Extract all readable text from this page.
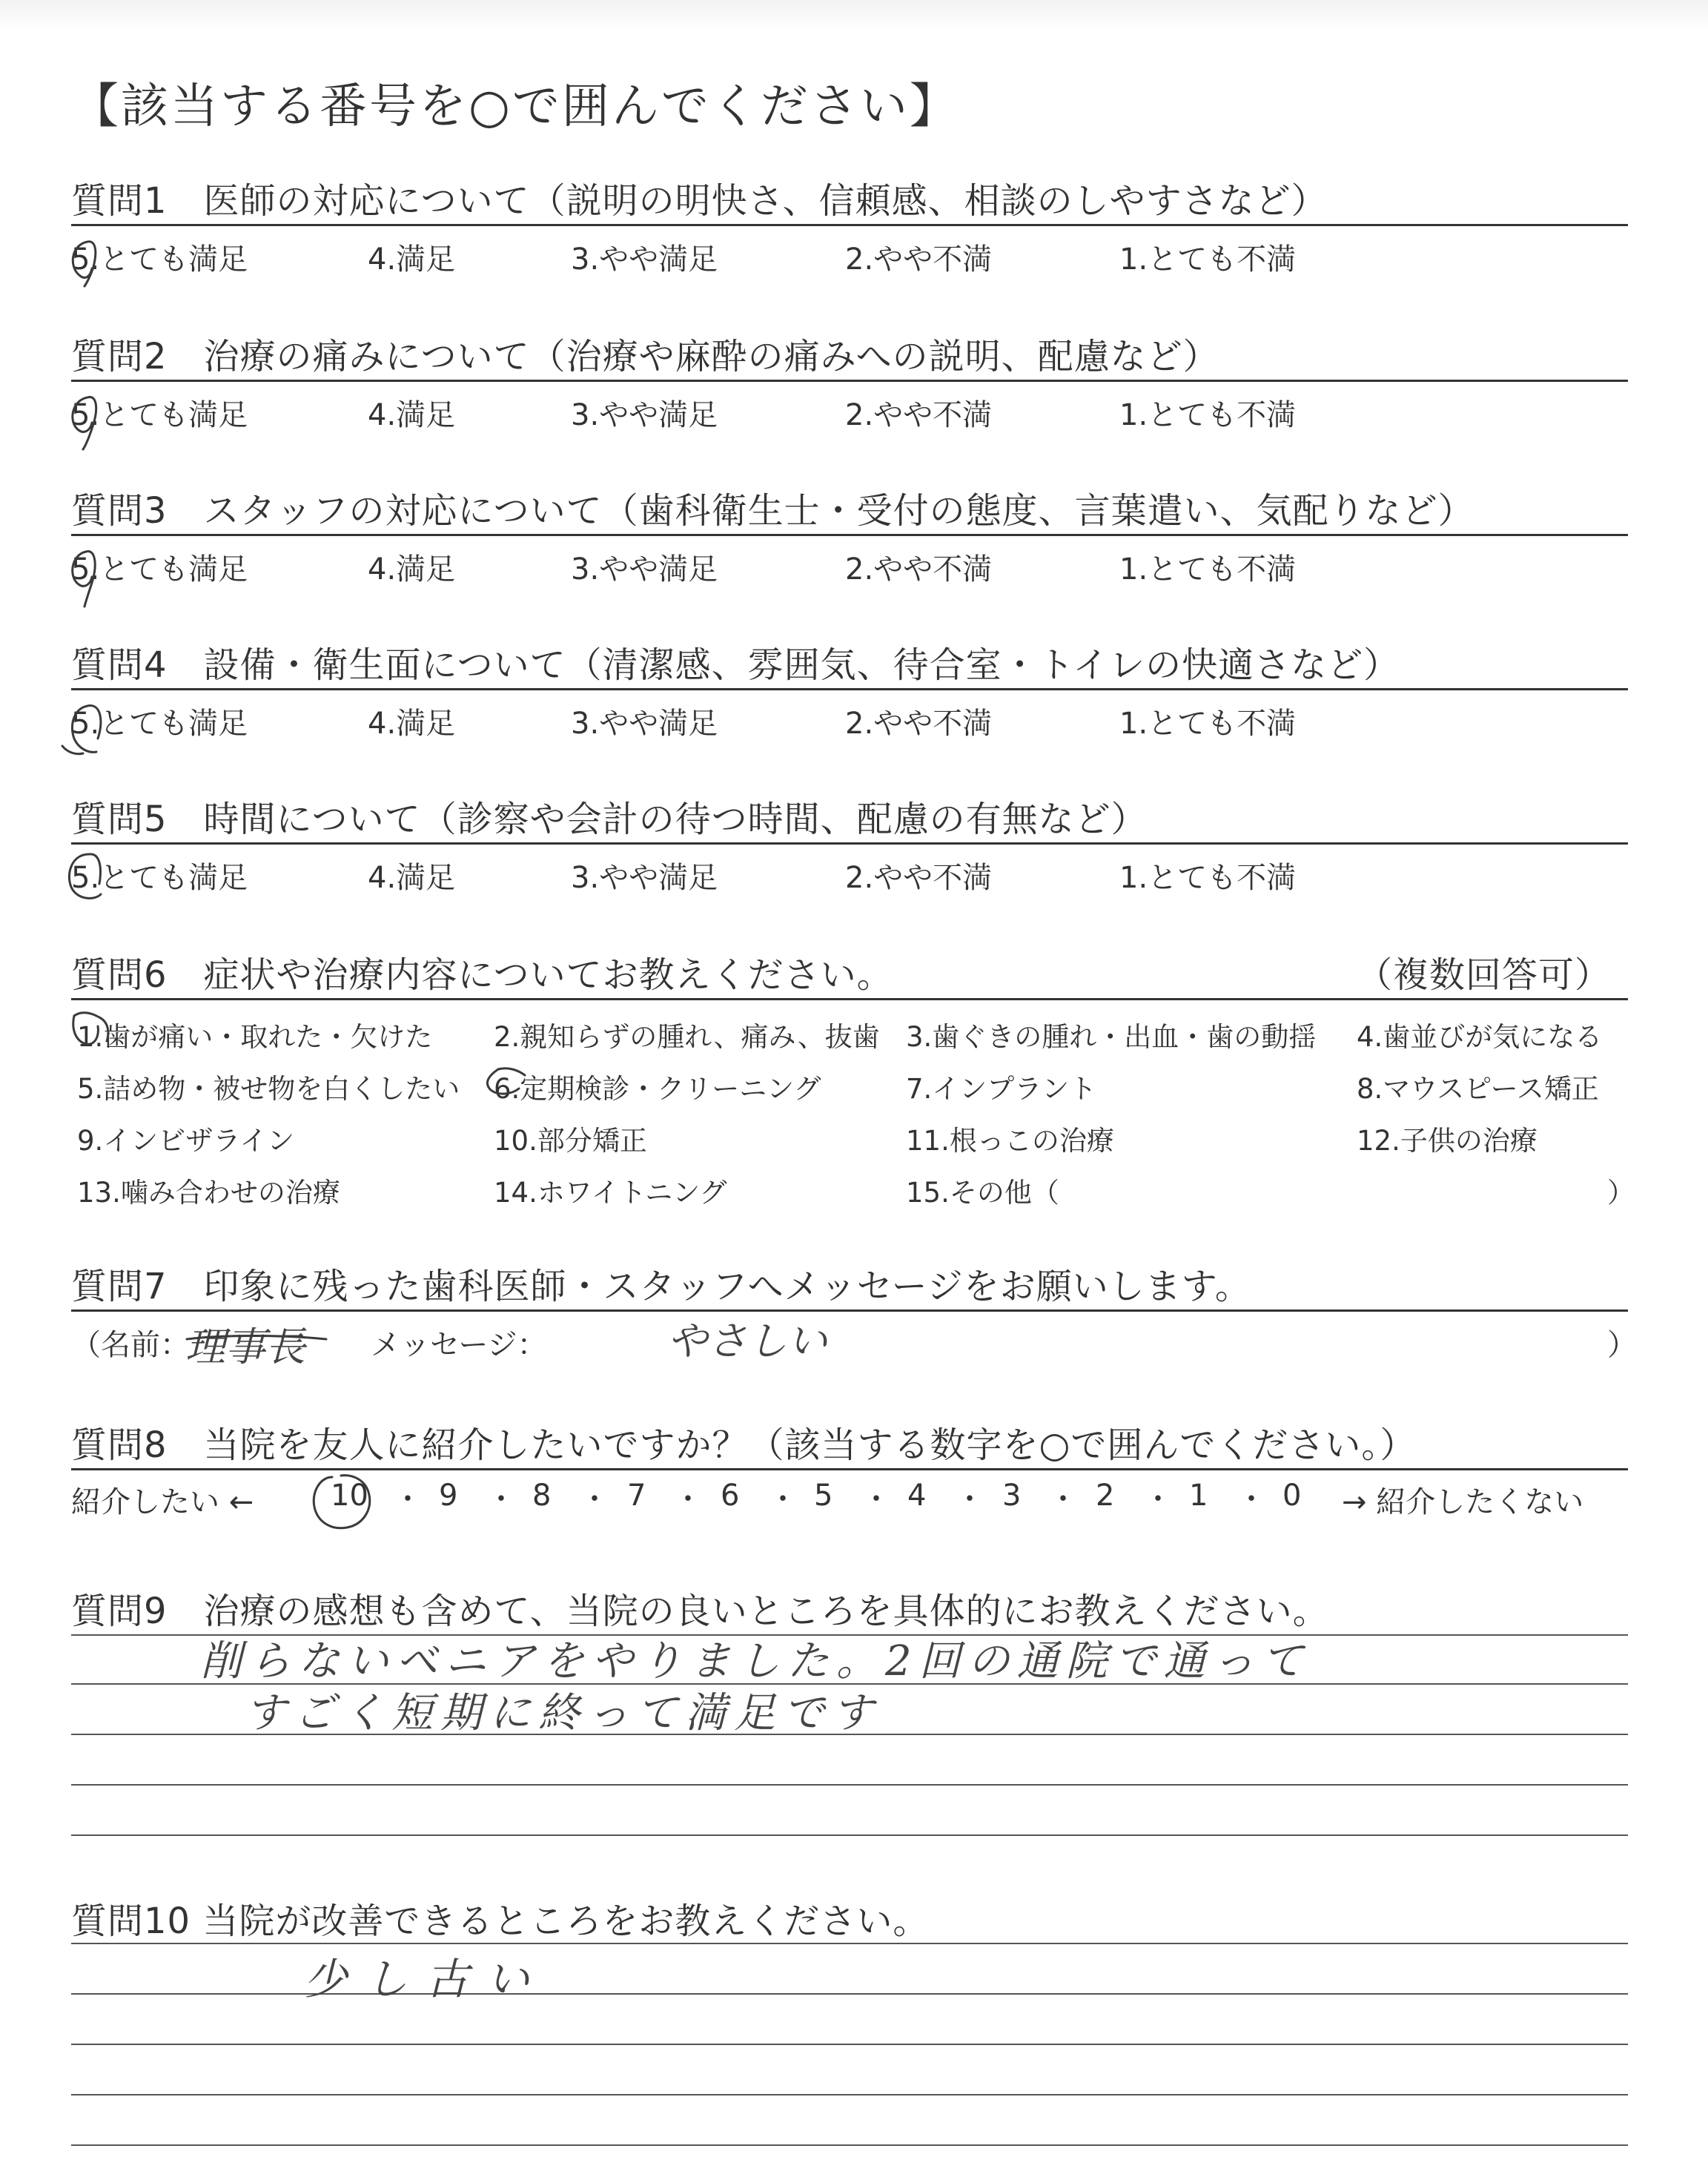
【該当する番号を○で囲んでください】
質問1　医師の対応について（説明の明快さ、信頼感、相談のしやすさなど）
5.とても満足	4.満足	3.やや満足	2.やや不満	1.とても不満
質問2　治療の痛みについて（治療や麻酔の痛みへの説明、配慮など）
5.とても満足	4.満足	3.やや満足	2.やや不満	1.とても不満
質問3　スタッフの対応について（歯科衛生士・受付の態度、言葉遣い、気配りなど）
5.とても満足	4.満足	3.やや満足	2.やや不満	1.とても不満
質問4　設備・衛生面について（清潔感、雰囲気、待合室・トイレの快適さなど）
5.とても満足	4.満足	3.やや満足	2.やや不満	1.とても不満
質問5　時間について（診察や会計の待つ時間、配慮の有無など）
5.とても満足	4.満足	3.やや満足	2.やや不満	1.とても不満
質問6　症状や治療内容についてお教えください。	（複数回答可）
1.歯が痛い・取れた・欠けた 2.親知らずの腫れ、痛み、抜歯 3.歯ぐきの腫れ・出血・歯の動揺 4.歯並びが気になる
5.詰め物・被せ物を白くしたい 6.定期検診・クリーニング	7.インプラント	8.マウスピース矯正
9.インビザライン	10.部分矯正	11.根っこの治療	12.子供の治療
13.噛み合わせの治療	14.ホワイトニング	15.その他（	）
質問7　印象に残った歯科医師・スタッフへメッセージをお願いします。
（名前：
理事長 メッセージ：	やさしい	）
質問8　当院を友人に紹介したいですか？（該当する数字を○で囲んでください。）
紹介したい ←	10 ・ 9 ・ 8 ・ 7 ・ 6 ・ 5 ・ 4 ・ 3 ・ 2 ・ 1 ・ 0 → 紹介したくない
質問9　治療の感想も含めて、当院の良いところを具体的にお教えください。
削らないベニアをやりました。2回の通院で通って
すごく短期に終って満足です
質問10 当院が改善できるところをお教えください。
少し古い
